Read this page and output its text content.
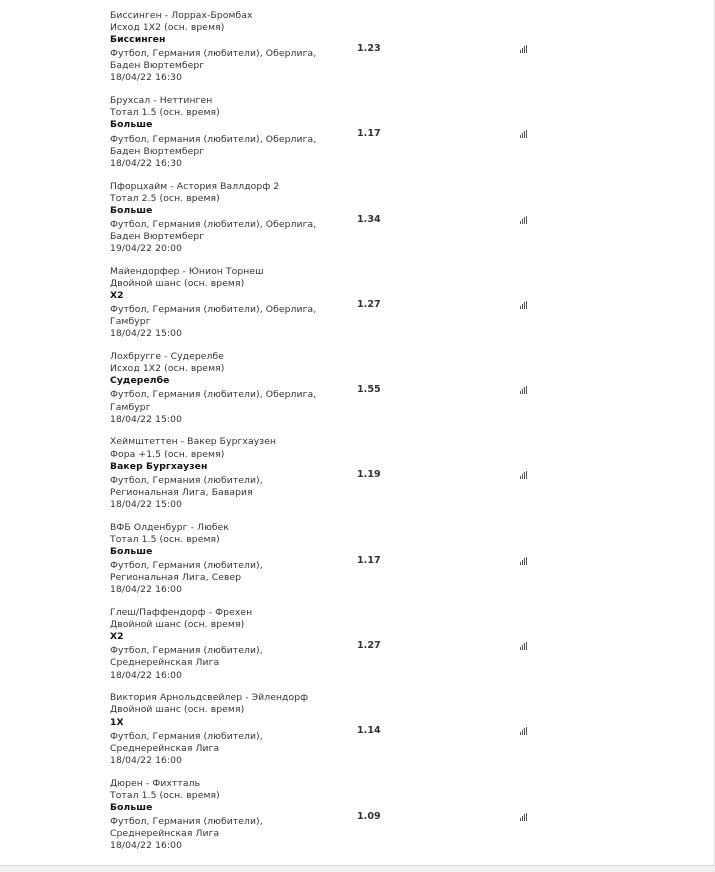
Биссинген - Лоррах-Бромбах
Исход 1X2 (осн. время)
Биссинген
Футбол, Германия (любители), Оберлига, Баден Вюртемберг
18/04/22 16:30
1.23
Брухсал - Неттинген
Тотал 1.5 (осн. время)
Больше
Футбол, Германия (любители), Оберлига, Баден Вюртемберг
18/04/22 16:30
1.17
Пфорцхайм - Астория Валлдорф 2
Тотал 2.5 (осн. время)
Больше
Футбол, Германия (любители), Оберлига, Баден Вюртемберг
19/04/22 20:00
1.34
Майендорфер - Юнион Торнеш
Двойной шанс (осн. время)
X2
Футбол, Германия (любители), Оберлига, Гамбург
18/04/22 15:00
1.27
Лохбругге - Судерелбе
Исход 1X2 (осн. время)
Судерелбе
Футбол, Германия (любители), Оберлига, Гамбург
18/04/22 15:00
1.55
Хеймштеттен - Вакер Бургхаузен
Фора +1.5 (осн. время)
Вакер Бургхаузен
Футбол, Германия (любители), Региональная Лига, Бавария
18/04/22 15:00
1.19
ВФБ Олденбург - Любек
Тотал 1.5 (осн. время)
Больше
Футбол, Германия (любители), Региональная Лига, Север
18/04/22 16:00
1.17
Глеш/Паффендорф - Фрехен
Двойной шанс (осн. время)
X2
Футбол, Германия (любители), Среднерейнская Лига
18/04/22 16:00
1.27
Виктория Арнольдсвейлер - Эйлендорф
Двойной шанс (осн. время)
1X
Футбол, Германия (любители), Среднерейнская Лига
18/04/22 16:00
1.14
Дюрен - Фихтталь
Тотал 1.5 (осн. время)
Больше
Футбол, Германия (любители), Среднерейнская Лига
18/04/22 16:00
1.09
